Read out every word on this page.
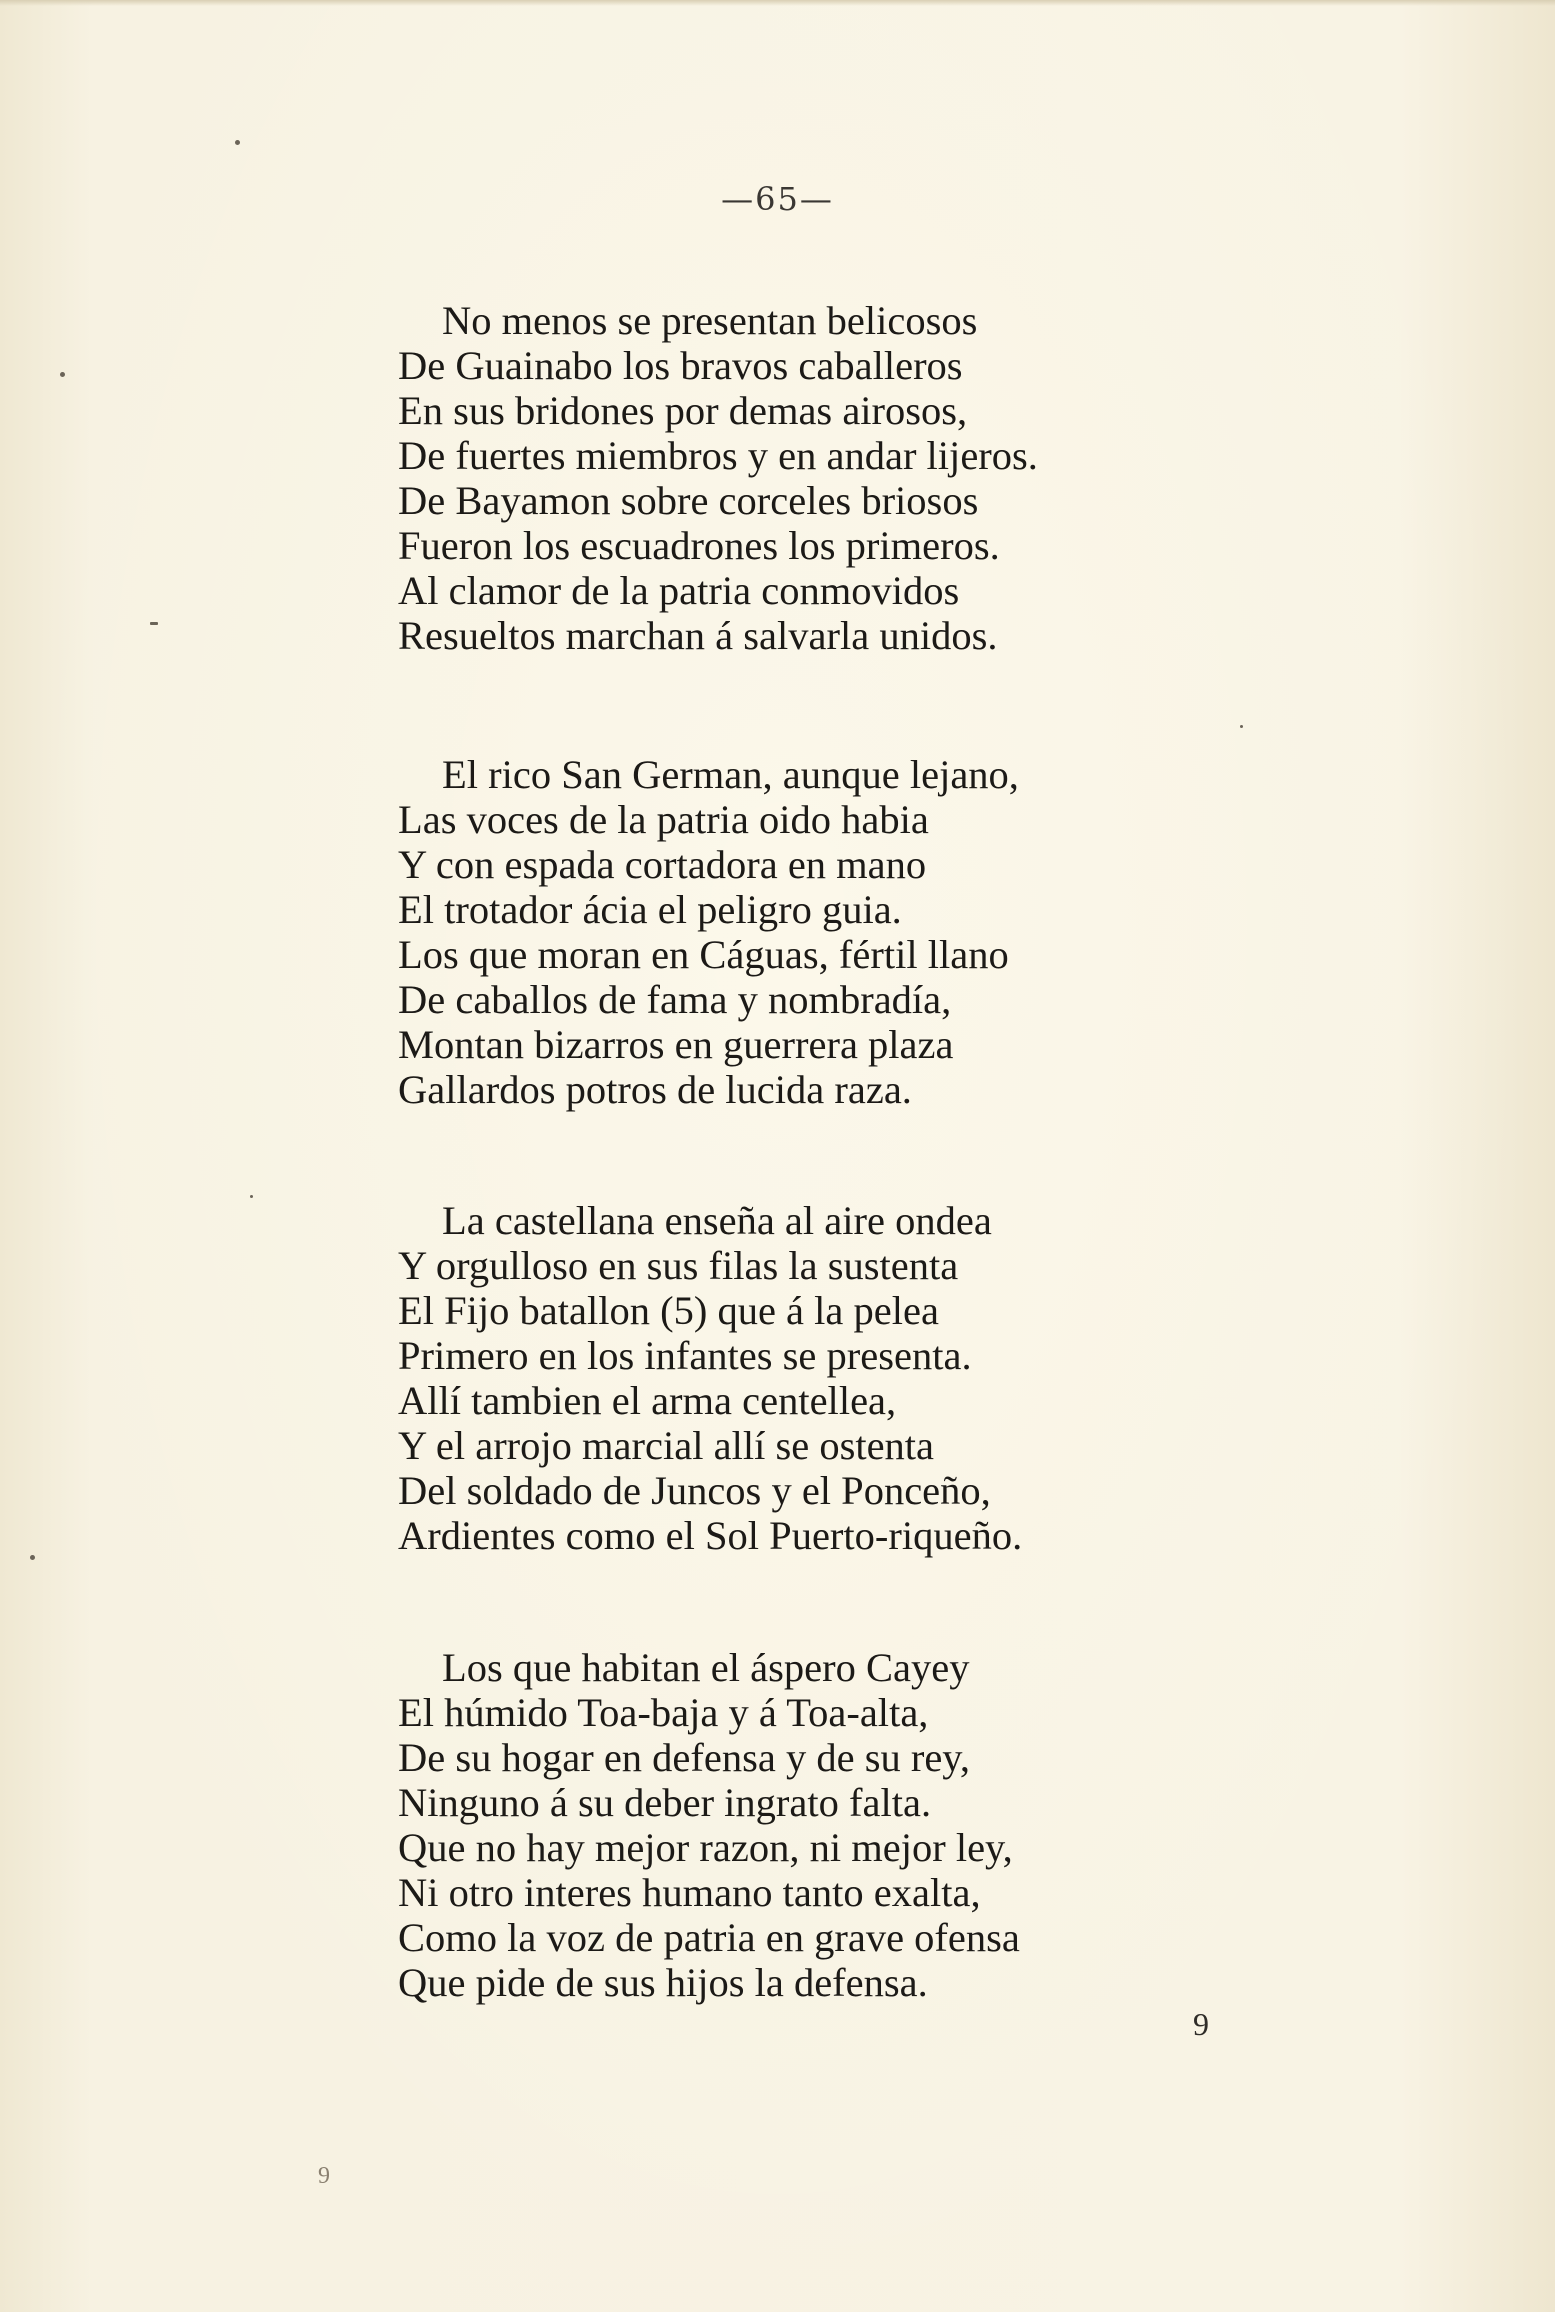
—65—
No menos se presentan belicosos
De Guainabo los bravos caballeros
En sus bridones por demas airosos,
De fuertes miembros y en andar lijeros.
De Bayamon sobre corceles briosos
Fueron los escuadrones los primeros.
Al clamor de la patria conmovidos
Resueltos marchan á salvarla unidos.
El rico San German, aunque lejano,
Las voces de la patria oido habia
Y con espada cortadora en mano
El trotador ácia el peligro guia.
Los que moran en Cáguas, fértil llano
De caballos de fama y nombradía,
Montan bizarros en guerrera plaza
Gallardos potros de lucida raza.
La castellana enseña al aire ondea
Y orgulloso en sus filas la sustenta
El Fijo batallon (5) que á la pelea
Primero en los infantes se presenta.
Allí tambien el arma centellea,
Y el arrojo marcial allí se ostenta
Del soldado de Juncos y el Ponceño,
Ardientes como el Sol Puerto-riqueño.
Los que habitan el áspero Cayey
El húmido Toa-baja y á Toa-alta,
De su hogar en defensa y de su rey,
Ninguno á su deber ingrato falta.
Que no hay mejor razon, ni mejor ley,
Ni otro interes humano tanto exalta,
Como la voz de patria en grave ofensa
Que pide de sus hijos la defensa.
9
9
